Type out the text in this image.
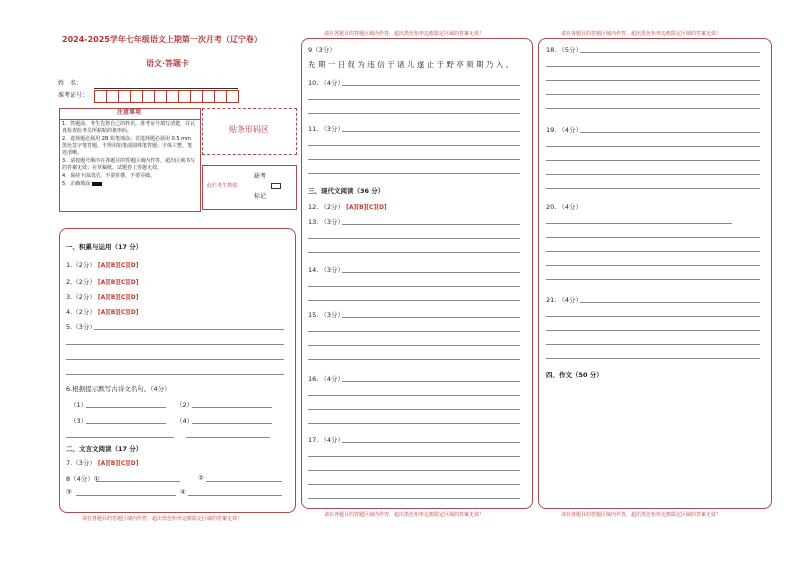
2024-2025学年七年级语文上期第一次月考（辽宁卷）
语文·答题卡
姓　名：
准考证号：
注意事项
1．答题前，考生先将自己的姓名，准考证号填写清楚，并认真检查监考员所粘贴的条形码。
2．选择题必须用 2B 铅笔填涂；非选择题必须用 0.5 mm 黑色签字笔答题，不得用铅笔或圆珠笔答题；字体工整、笔迹清晰。
3．请按题号顺序在各题目的答题区域内作答，超出区域书写的答案无效；在草稿纸、试题卷上答题无效。
4．保持卡面清洁，不要折叠、不要弄破。
5．正确填涂
贴条形码区
此栏考生禁填
缺考
标记
一、积累与运用（17 分）
1.（2分） [A][B][C][D]
2.（2分） [A][B][C][D]
3.（2分） [A][B][C][D]
4.（2分） [A][B][C][D]
5.（3分）
6.根据提示默写古诗文名句。（4分）
（1）	（2）
（3）	（4）
二、文言文阅读（17 分）
7.（3分） [A][B][C][D]
8（4分）①	②
③	④
请在各题目的答题区域内作答，超出黑色矩形边框限定区域的答案无效！
请在各题目的答题区域内作答，超出黑色矩形边框限定区域的答案无效！
9（3分）
先 期 一 日 促 为 违 信 于 诸 儿 遂 止 于 野 亭 须 期 乃 入 。
10. （4分）
11. （3分）
三、现代文阅读（36 分）
12. （2分） [A][B][C][D]
13. （3分）
14. （3分）
15. （3分）
16. （4分）
17. （4分）
请在各题目的答题区域内作答，超出黑色矩形边框限定区域的答案无效！
请在各题目的答题区域内作答，超出黑色矩形边框限定区域的答案无效！
18. （5分）
19. （4分）
20. （4分）
21. （4分）
四、作文（50 分）
请在各题目的答题区域内作答，超出黑色矩形边框限定区域的答案无效！
